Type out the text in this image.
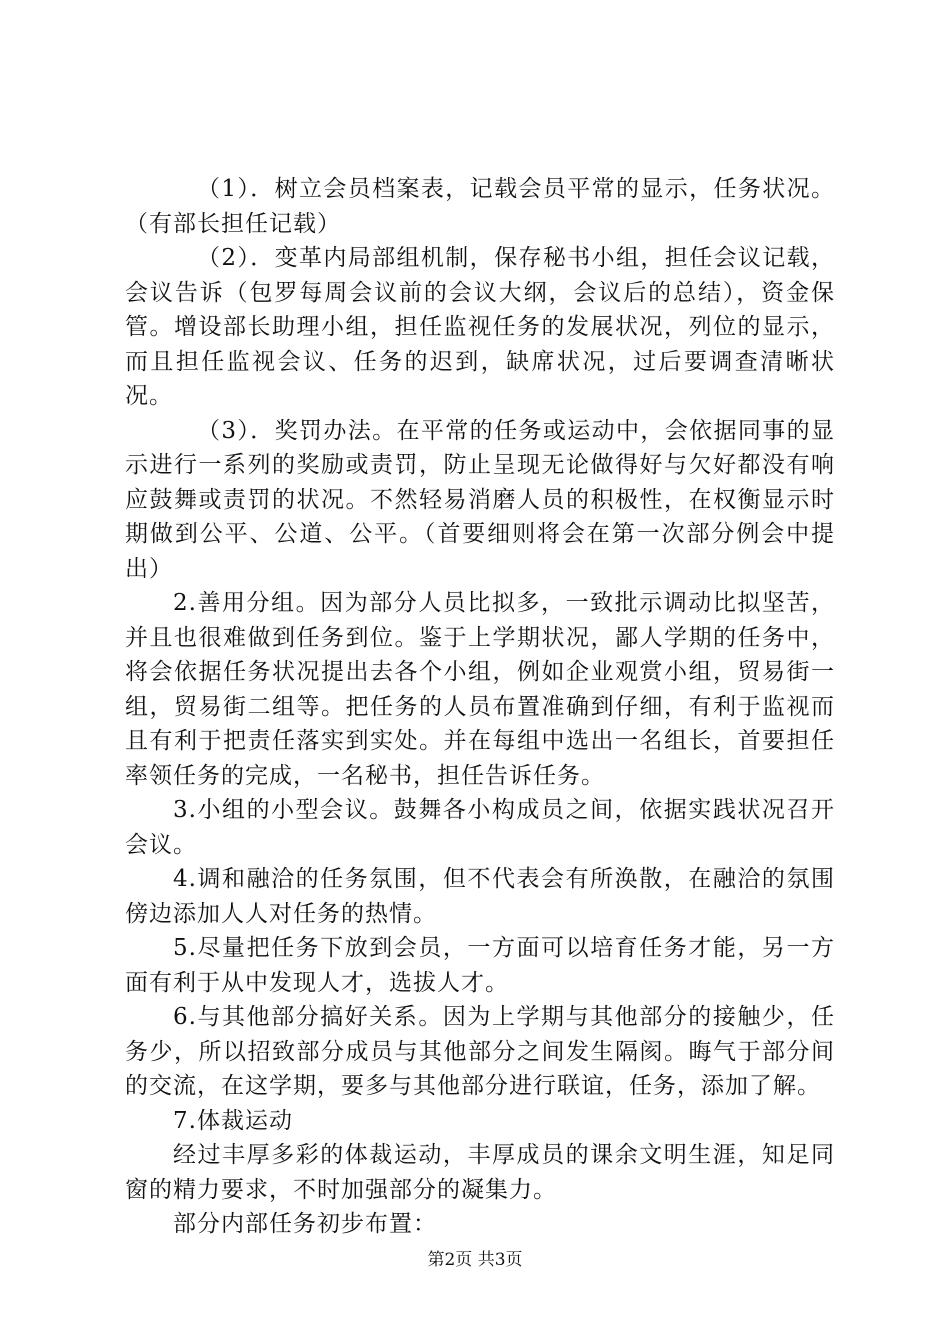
（1）．树立会员档案表，记载会员平常的显示，任务状况。（有部长担任记载）

（2）．变革内局部组机制，保存秘书小组，担任会议记载，会议告诉（包罗每周会议前的会议大纲，会议后的总结），资金保管。增设部长助理小组，担任监视任务的发展状况，列位的显示，而且担任监视会议、任务的迟到，缺席状况，过后要调查清晰状况。

（3）．奖罚办法。在平常的任务或运动中，会依据同事的显示进行一系列的奖励或责罚，防止呈现无论做得好与欠好都没有响应鼓舞或责罚的状况。不然轻易消磨人员的积极性，在权衡显示时期做到公平、公道、公平。（首要细则将会在第一次部分例会中提出）

2.善用分组。因为部分人员比拟多，一致批示调动比拟坚苦，并且也很难做到任务到位。鉴于上学期状况，鄙人学期的任务中，将会依据任务状况提出去各个小组，例如企业观赏小组，贸易街一组，贸易街二组等。把任务的人员布置准确到仔细，有利于监视而且有利于把责任落实到实处。并在每组中选出一名组长，首要担任率领任务的完成，一名秘书，担任告诉任务。

3.小组的小型会议。鼓舞各小构成员之间，依据实践状况召开会议。

4.调和融洽的任务氛围，但不代表会有所涣散，在融洽的氛围傍边添加人人对任务的热情。

5.尽量把任务下放到会员，一方面可以培育任务才能，另一方面有利于从中发现人才，选拔人才。

6.与其他部分搞好关系。因为上学期与其他部分的接触少，任务少，所以招致部分成员与其他部分之间发生隔阂。晦气于部分间的交流，在这学期，要多与其他部分进行联谊，任务，添加了解。

7.体裁运动

经过丰厚多彩的体裁运动，丰厚成员的课余文明生涯，知足同窗的精力要求，不时加强部分的凝集力。

部分内部任务初步布置：

第2页 共3页
